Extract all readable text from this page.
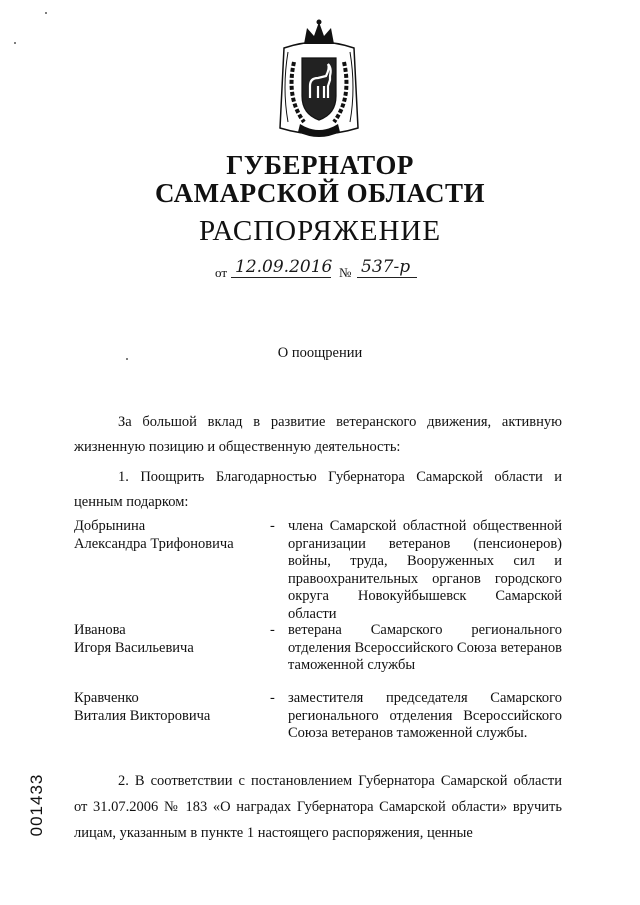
ГУБЕРНАТОР
САМАРСКОЙ ОБЛАСТИ
РАСПОРЯЖЕНИЕ
от 12.09.2016 № 537-р
О поощрении
За большой вклад в развитие ветеранского движения, активную жизненную позицию и общественную деятельность:
1. Поощрить Благодарностью Губернатора Самарской области и ценным подарком:
Добрынина
Александра Трифоновича
- члена Самарской областной общественной организации ветеранов (пенсионеров) войны, труда, Вооруженных сил и правоохранительных органов городского округа Новокуйбышевск Самарской области
Иванова
Игоря Васильевича
- ветерана Самарского регионального отделения Всероссийского Союза ветеранов таможенной службы
Кравченко
Виталия Викторовича
- заместителя председателя Самарского регионального отделения Всероссийского Союза ветеранов таможенной службы.
2. В соответствии с постановлением Губернатора Самарской области от 31.07.2006 № 183 «О наградах Губернатора Самарской области» вручить лицам, указанным в пункте 1 настоящего распоряжения, ценные
001433
